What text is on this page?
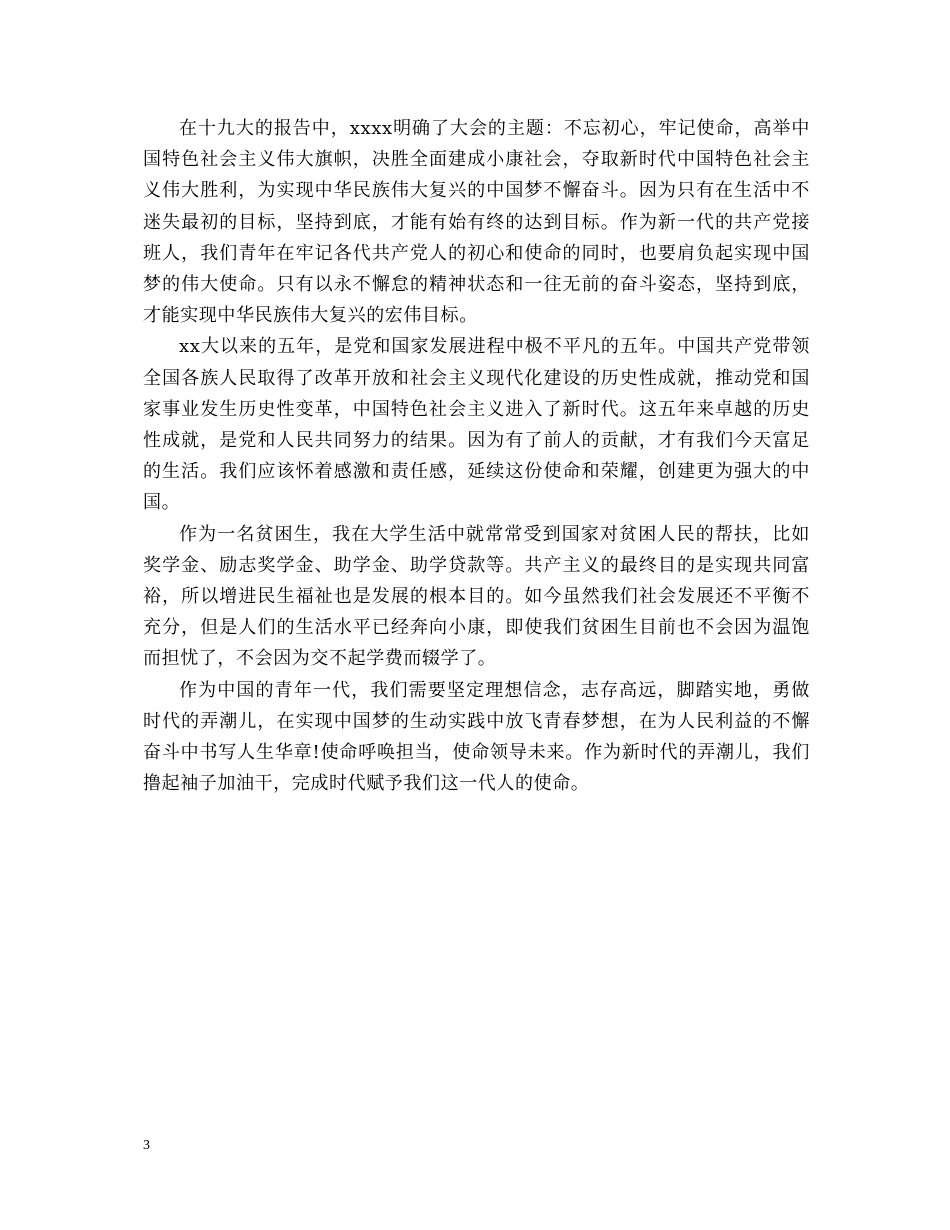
在十九大的报告中，xxxx明确了大会的主题：不忘初心，牢记使命，高举中国特色社会主义伟大旗帜，决胜全面建成小康社会，夺取新时代中国特色社会主义伟大胜利，为实现中华民族伟大复兴的中国梦不懈奋斗。因为只有在生活中不迷失最初的目标，坚持到底，才能有始有终的达到目标。作为新一代的共产党接班人，我们青年在牢记各代共产党人的初心和使命的同时，也要肩负起实现中国梦的伟大使命。只有以永不懈怠的精神状态和一往无前的奋斗姿态，坚持到底，才能实现中华民族伟大复兴的宏伟目标。

xx大以来的五年，是党和国家发展进程中极不平凡的五年。中国共产党带领全国各族人民取得了改革开放和社会主义现代化建设的历史性成就，推动党和国家事业发生历史性变革，中国特色社会主义进入了新时代。这五年来卓越的历史性成就，是党和人民共同努力的结果。因为有了前人的贡献，才有我们今天富足的生活。我们应该怀着感激和责任感，延续这份使命和荣耀，创建更为强大的中国。

作为一名贫困生，我在大学生活中就常常受到国家对贫困人民的帮扶，比如奖学金、励志奖学金、助学金、助学贷款等。共产主义的最终目的是实现共同富裕，所以增进民生福祉也是发展的根本目的。如今虽然我们社会发展还不平衡不充分，但是人们的生活水平已经奔向小康，即使我们贫困生目前也不会因为温饱而担忧了，不会因为交不起学费而辍学了。

作为中国的青年一代，我们需要坚定理想信念，志存高远，脚踏实地，勇做时代的弄潮儿，在实现中国梦的生动实践中放飞青春梦想，在为人民利益的不懈奋斗中书写人生华章!使命呼唤担当，使命领导未来。作为新时代的弄潮儿，我们撸起袖子加油干，完成时代赋予我们这一代人的使命。

3
